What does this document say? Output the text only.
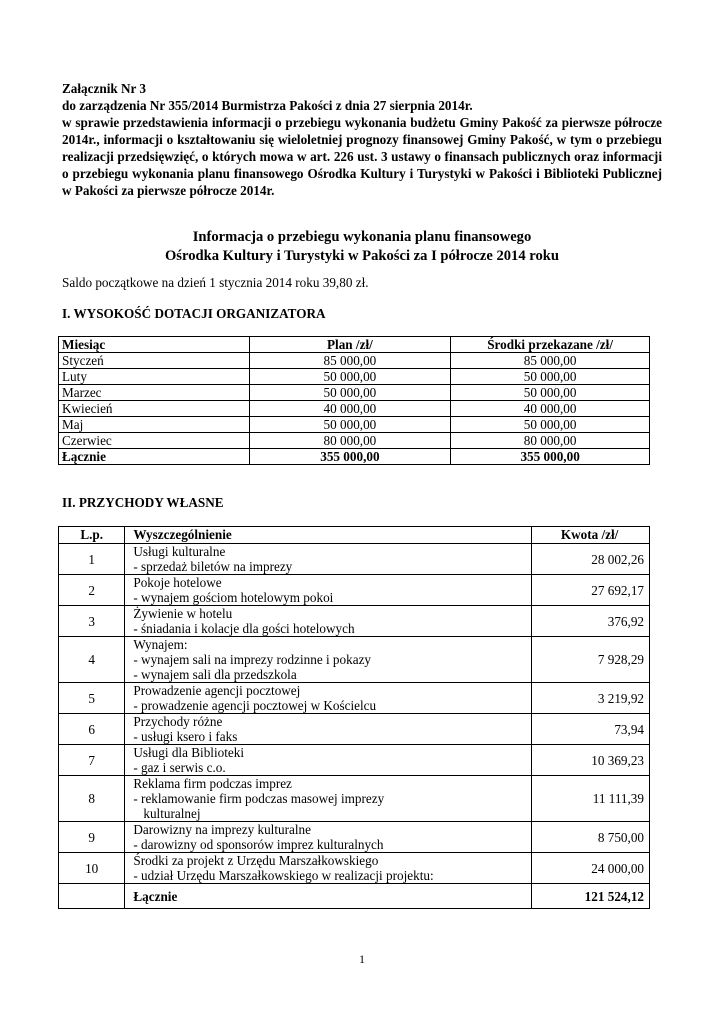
Załącznik Nr 3

do zarządzenia Nr 355/2014 Burmistrza Pakości z dnia 27 sierpnia 2014r.

w sprawie przedstawienia informacji o przebiegu wykonania budżetu Gminy Pakość za pierwsze półrocze 2014r., informacji o kształtowaniu się wieloletniej prognozy finansowej Gminy Pakość, w tym o przebiegu realizacji przedsięwzięć, o których mowa w art. 226 ust. 3 ustawy o finansach publicznych oraz informacji o przebiegu wykonania planu finansowego Ośrodka Kultury i Turystyki w Pakości i Biblioteki Publicznej w Pakości za pierwsze półrocze 2014r.

Informacja o przebiegu wykonania planu finansowego
Ośrodka Kultury i Turystyki w Pakości za I półrocze 2014 roku
Saldo początkowe na dzień 1 stycznia 2014 roku 39,80 zł.
I. WYSOKOŚĆ DOTACJI ORGANIZATORA
Miesiąc	Plan /zł/	Środki przekazane /zł/
Styczeń	85 000,00	85 000,00
Luty	50 000,00	50 000,00
Marzec	50 000,00	50 000,00
Kwiecień	40 000,00	40 000,00
Maj	50 000,00	50 000,00
Czerwiec	80 000,00	80 000,00
Łącznie	355 000,00	355 000,00
II. PRZYCHODY WŁASNE
L.p.	Wyszczególnienie	Kwota /zł/
1	Usługi kulturalne
- sprzedaż biletów na imprezy	28 002,26
2	Pokoje hotelowe
- wynajem gościom hotelowym pokoi	27 692,17
3	Żywienie w hotelu
- śniadania i kolacje dla gości hotelowych	376,92
4	Wynajem:
- wynajem sali na imprezy rodzinne i pokazy
- wynajem sali dla przedszkola	7 928,29
5	Prowadzenie agencji pocztowej
- prowadzenie agencji pocztowej w Kościelcu	3 219,92
6	Przychody różne
- usługi ksero i faks	73,94
7	Usługi dla Biblioteki
- gaz i serwis c.o.	10 369,23
8	Reklama firm podczas imprez
- reklamowanie firm podczas masowej imprezy
kulturalnej	11 111,39
9	Darowizny na imprezy kulturalne
- darowizny od sponsorów imprez kulturalnych	8 750,00
10	Środki za projekt z Urzędu Marszałkowskiego
- udział Urzędu Marszałkowskiego w realizacji projektu:	24 000,00
	Łącznie	121 524,12
1
